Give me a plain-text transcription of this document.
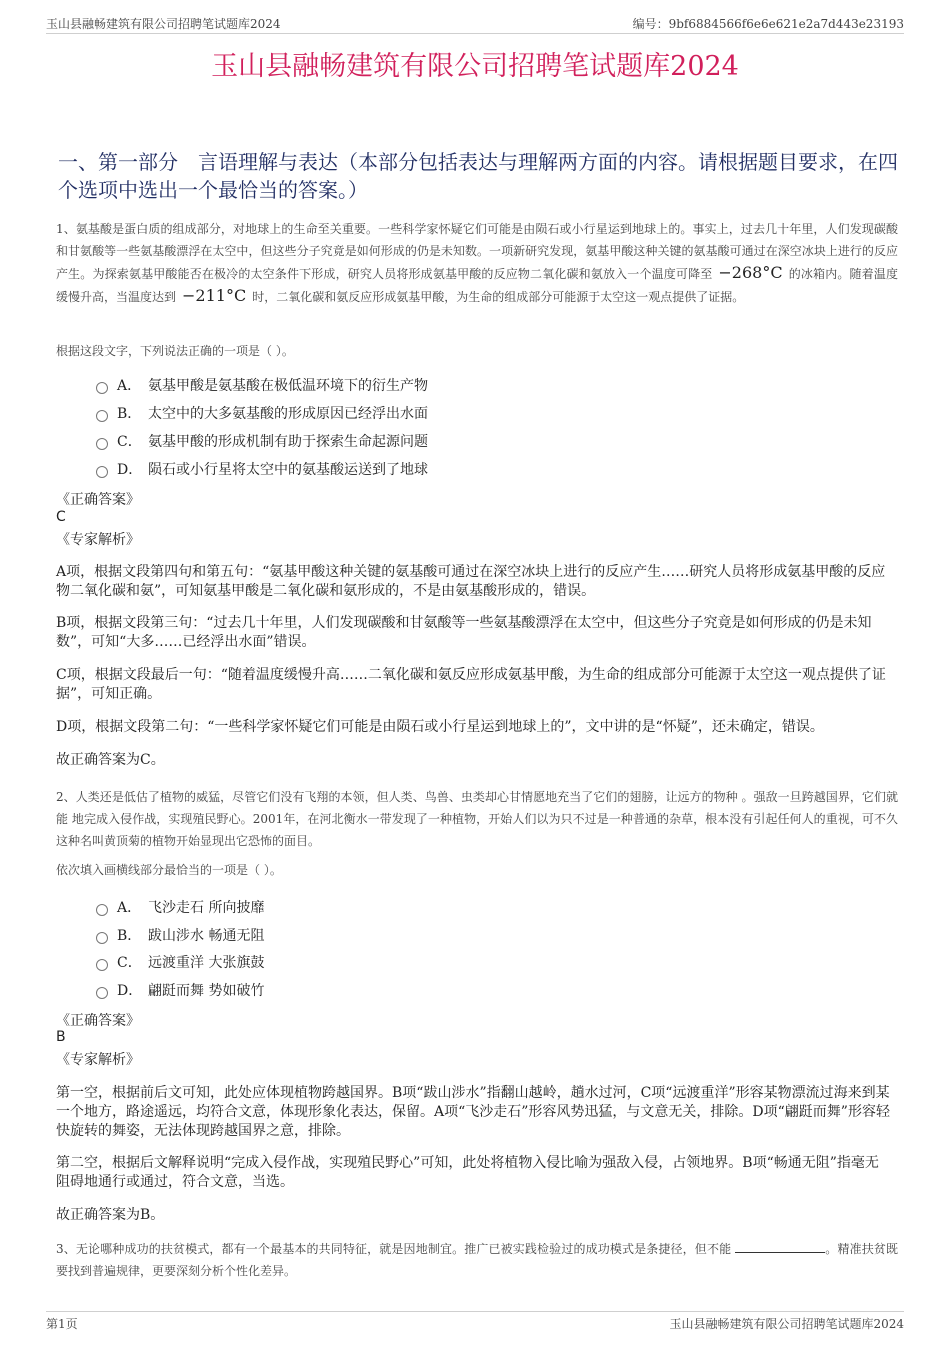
玉山县融畅建筑有限公司招聘笔试题库2024	编号：9bf6884566f6e6e621e2a7d443e23193
玉山县融畅建筑有限公司招聘笔试题库2024
一、第一部分　言语理解与表达（本部分包括表达与理解两方面的内容。请根据题目要求，在四个选项中选出一个最恰当的答案。）
1、氨基酸是蛋白质的组成部分，对地球上的生命至关重要。一些科学家怀疑它们可能是由陨石或小行星运到地球上的。事实上，过去几十年里，人们发现碳酸和甘氨酸等一些氨基酸漂浮在太空中，但这些分子究竟是如何形成的仍是未知数。一项新研究发现，氨基甲酸这种关键的氨基酸可通过在深空冰块上进行的反应产生。为探索氨基甲酸能否在极冷的太空条件下形成，研究人员将形成氨基甲酸的反应物二氧化碳和氨放入一个温度可降至 −268°C 的冰箱内。随着温度缓慢升高，当温度达到 −211°C 时，二氧化碳和氨反应形成氨基甲酸，为生命的组成部分可能源于太空这一观点提供了证据。
根据这段文字，下列说法正确的一项是（ ）。
A． 氨基甲酸是氨基酸在极低温环境下的衍生产物
B． 太空中的大多氨基酸的形成原因已经浮出水面
C． 氨基甲酸的形成机制有助于探索生命起源问题
D． 陨石或小行星将太空中的氨基酸运送到了地球
《正确答案》
C
《专家解析》
A项，根据文段第四句和第五句：“氨基甲酸这种关键的氨基酸可通过在深空冰块上进行的反应产生……研究人员将形成氨基甲酸的反应物二氧化碳和氨”，可知氨基甲酸是二氧化碳和氨形成的，不是由氨基酸形成的，错误。
B项，根据文段第三句：“过去几十年里，人们发现碳酸和甘氨酸等一些氨基酸漂浮在太空中，但这些分子究竟是如何形成的仍是未知数”，可知“大多……已经浮出水面”错误。
C项，根据文段最后一句：“随着温度缓慢升高……二氧化碳和氨反应形成氨基甲酸，为生命的组成部分可能源于太空这一观点提供了证据”，可知正确。
D项，根据文段第二句：“一些科学家怀疑它们可能是由陨石或小行星运到地球上的”，文中讲的是“怀疑”，还未确定，错误。
故正确答案为C。
2、人类还是低估了植物的威猛，尽管它们没有飞翔的本领，但人类、鸟兽、虫类却心甘情愿地充当了它们的翅膀，让远方的物种 。强敌一旦跨越国界，它们就能 地完成入侵作战，实现殖民野心。2001年，在河北衡水一带发现了一种植物，开始人们以为只不过是一种普通的杂草，根本没有引起任何人的重视，可不久这种名叫黄顶菊的植物开始显现出它恐怖的面目。
依次填入画横线部分最恰当的一项是（ ）。
A． 飞沙走石 所向披靡
B． 跋山涉水 畅通无阻
C． 远渡重洋 大张旗鼓
D． 翩跹而舞 势如破竹
《正确答案》
B
《专家解析》
第一空，根据前后文可知，此处应体现植物跨越国界。B项“跋山涉水”指翻山越岭，趟水过河，C项“远渡重洋”形容某物漂流过海来到某一个地方，路途遥远，均符合文意，体现形象化表达，保留。A项“飞沙走石”形容风势迅猛，与文意无关，排除。D项“翩跹而舞”形容轻快旋转的舞姿，无法体现跨越国界之意，排除。
第二空，根据后文解释说明“完成入侵作战，实现殖民野心”可知，此处将植物入侵比喻为强敌入侵，占领地界。B项“畅通无阻”指毫无阻碍地通行或通过，符合文意，当选。
故正确答案为B。
3、无论哪种成功的扶贫模式，都有一个最基本的共同特征，就是因地制宜。推广已被实践检验过的成功模式是条捷径，但不能	。精准扶贫既要找到普遍规律，更要深刻分析个性化差异。
第1页	玉山县融畅建筑有限公司招聘笔试题库2024
